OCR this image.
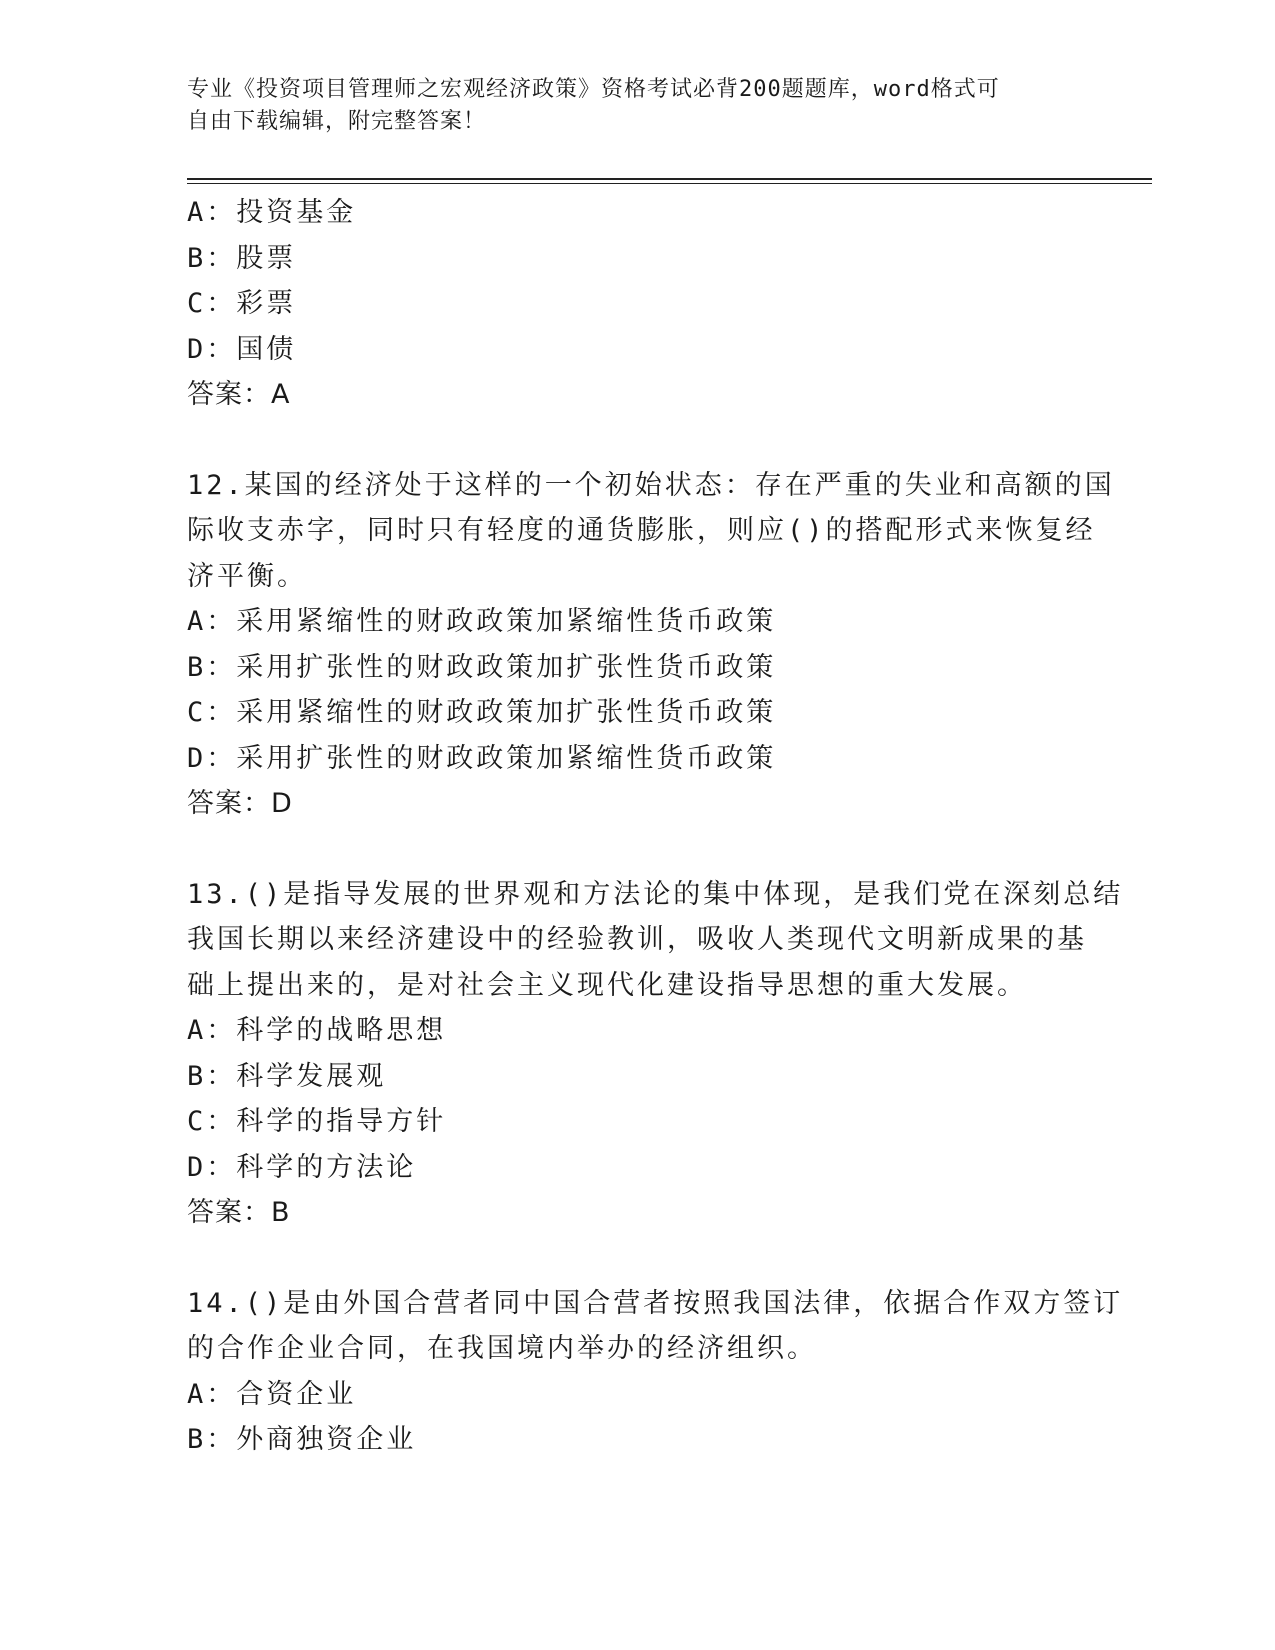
专业《投资项目管理师之宏观经济政策》资格考试必背200题题库，word格式可
自由下载编辑，附完整答案！
A：投资基金
B：股票
C：彩票
D：国债
答案：A
12.某国的经济处于这样的一个初始状态：存在严重的失业和高额的国
际收支赤字，同时只有轻度的通货膨胀，则应()的搭配形式来恢复经
济平衡。
A：采用紧缩性的财政政策加紧缩性货币政策
B：采用扩张性的财政政策加扩张性货币政策
C：采用紧缩性的财政政策加扩张性货币政策
D：采用扩张性的财政政策加紧缩性货币政策
答案：D
13.()是指导发展的世界观和方法论的集中体现，是我们党在深刻总结
我国长期以来经济建设中的经验教训，吸收人类现代文明新成果的基
础上提出来的，是对社会主义现代化建设指导思想的重大发展。
A：科学的战略思想
B：科学发展观
C：科学的指导方针
D：科学的方法论
答案：B
14.()是由外国合营者同中国合营者按照我国法律，依据合作双方签订
的合作企业合同，在我国境内举办的经济组织。
A：合资企业
B：外商独资企业
